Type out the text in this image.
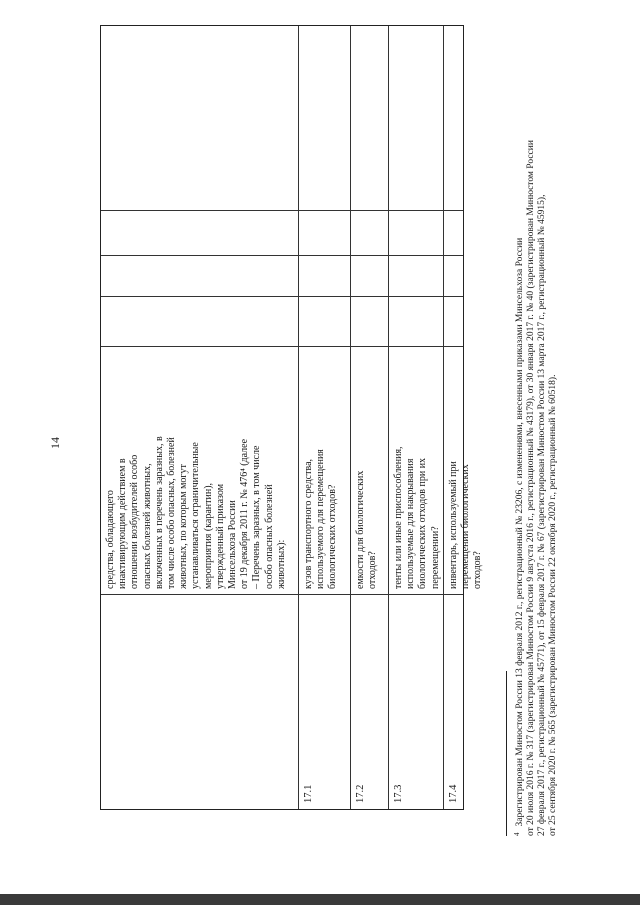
14

средства, обладающего инактивирующим действием в отношении возбудителей особо опасных болезней животных, включенных в перечень заразных, в том числе особо опасных, болезней животных, по которым могут устанавливаться ограничительные мероприятия (карантин), утвержденный приказом Минсельхоза России от 19 декабря 2011 г. № 476⁴ (далее – Перечень заразных, в том числе особо опасных болезней животных):

17.1

кузов транспортного средства, используемого для перемещения биологических отходов?

17.2

емкости для биологических отходов?

17.3

тенты или иные приспособления, используемые для накрывания биологических отходов при их перемещении?

17.4

инвентарь, используемый при перемещении биологических отходов?

$^4$Зарегистрирован Минюстом России 13 февраля 2012 г., регистрационный № 23206, с изменениями, внесенными приказами Минсельхоза России от 20 июля 2016 г. № 317 (зарегистрирован Минюстом России 9 августа 2016 г., регистрационный № 43179), от 30 января 2017 г. № 40 (зарегистрирован Минюстом России 27 февраля 2017 г., регистрационный № 45771), от 15 февраля 2017 г. № 67 (зарегистрирован Минюстом России 13 марта 2017 г., регистрационный № 45915), от 25 сентября 2020 г. № 565 (зарегистрирован Минюстом России 22 октября 2020 г., регистрационный № 60518).
